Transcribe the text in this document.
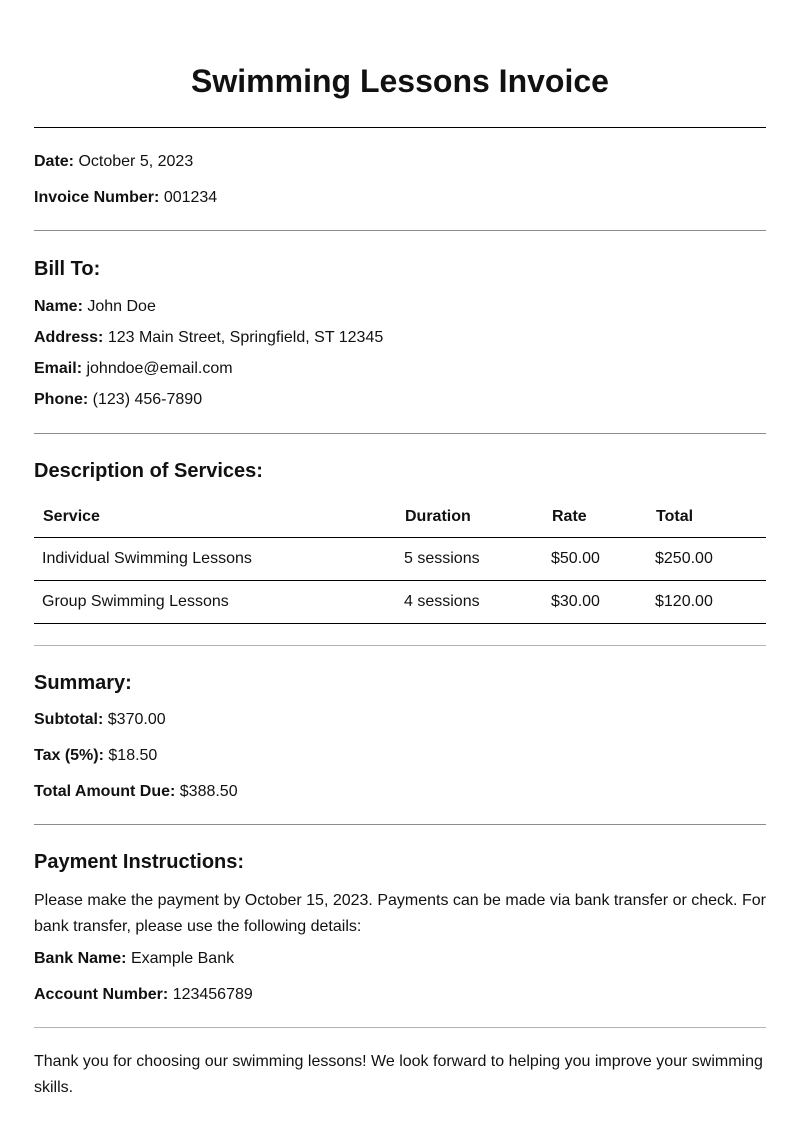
Swimming Lessons Invoice

Date: October 5, 2023

Invoice Number: 001234

Bill To:

Name: John Doe

Address: 123 Main Street, Springfield, ST 12345

Email: johndoe@email.com

Phone: (123) 456-7890

Description of Services:
Service	Duration	Rate	Total
Individual Swimming Lessons	5 sessions	$50.00	$250.00
Group Swimming Lessons	4 sessions	$30.00	$120.00
Summary:

Subtotal: $370.00

Tax (5%): $18.50

Total Amount Due: $388.50

Payment Instructions:

Please make the payment by October 15, 2023. Payments can be made via bank transfer or check. For bank transfer, please use the following details:

Bank Name: Example Bank

Account Number: 123456789

Thank you for choosing our swimming lessons! We look forward to helping you improve your swimming skills.
